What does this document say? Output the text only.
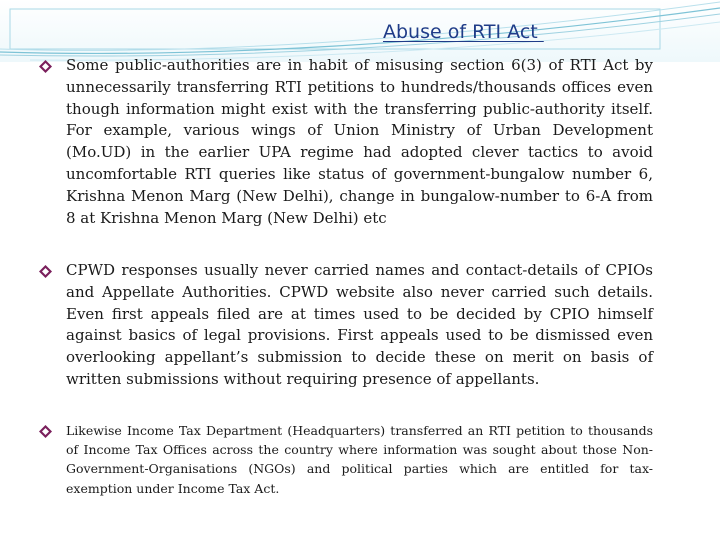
Abuse of RTI Act

Some public-authorities are in habit of misusing section 6(3) of RTI Act by unnecessarily transferring RTI petitions to hundreds/thousands offices even though information might exist with the transferring public-authority itself. For example, various wings of Union Ministry of Urban Development (Mo.UD) in the earlier UPA regime had adopted clever tactics to avoid uncomfortable RTI queries like status of government-bungalow number 6, Krishna Menon Marg (New Delhi), change in bungalow-number to 6-A from 8 at Krishna Menon Marg (New Delhi) etc

CPWD responses usually never carried names and contact-details of CPIOs and Appellate Authorities. CPWD website also never carried such details. Even first appeals filed are at times used to be decided by CPIO himself against basics of legal provisions. First appeals used to be dismissed even overlooking appellant’s submission to decide these on merit on basis of written submissions without requiring presence of appellants.

Likewise Income Tax Department (Headquarters) transferred an RTI petition to thousands of Income Tax Offices across the country where information was sought about those Non-Government-Organisations (NGOs) and political parties which are entitled for tax-exemption under Income Tax Act.
